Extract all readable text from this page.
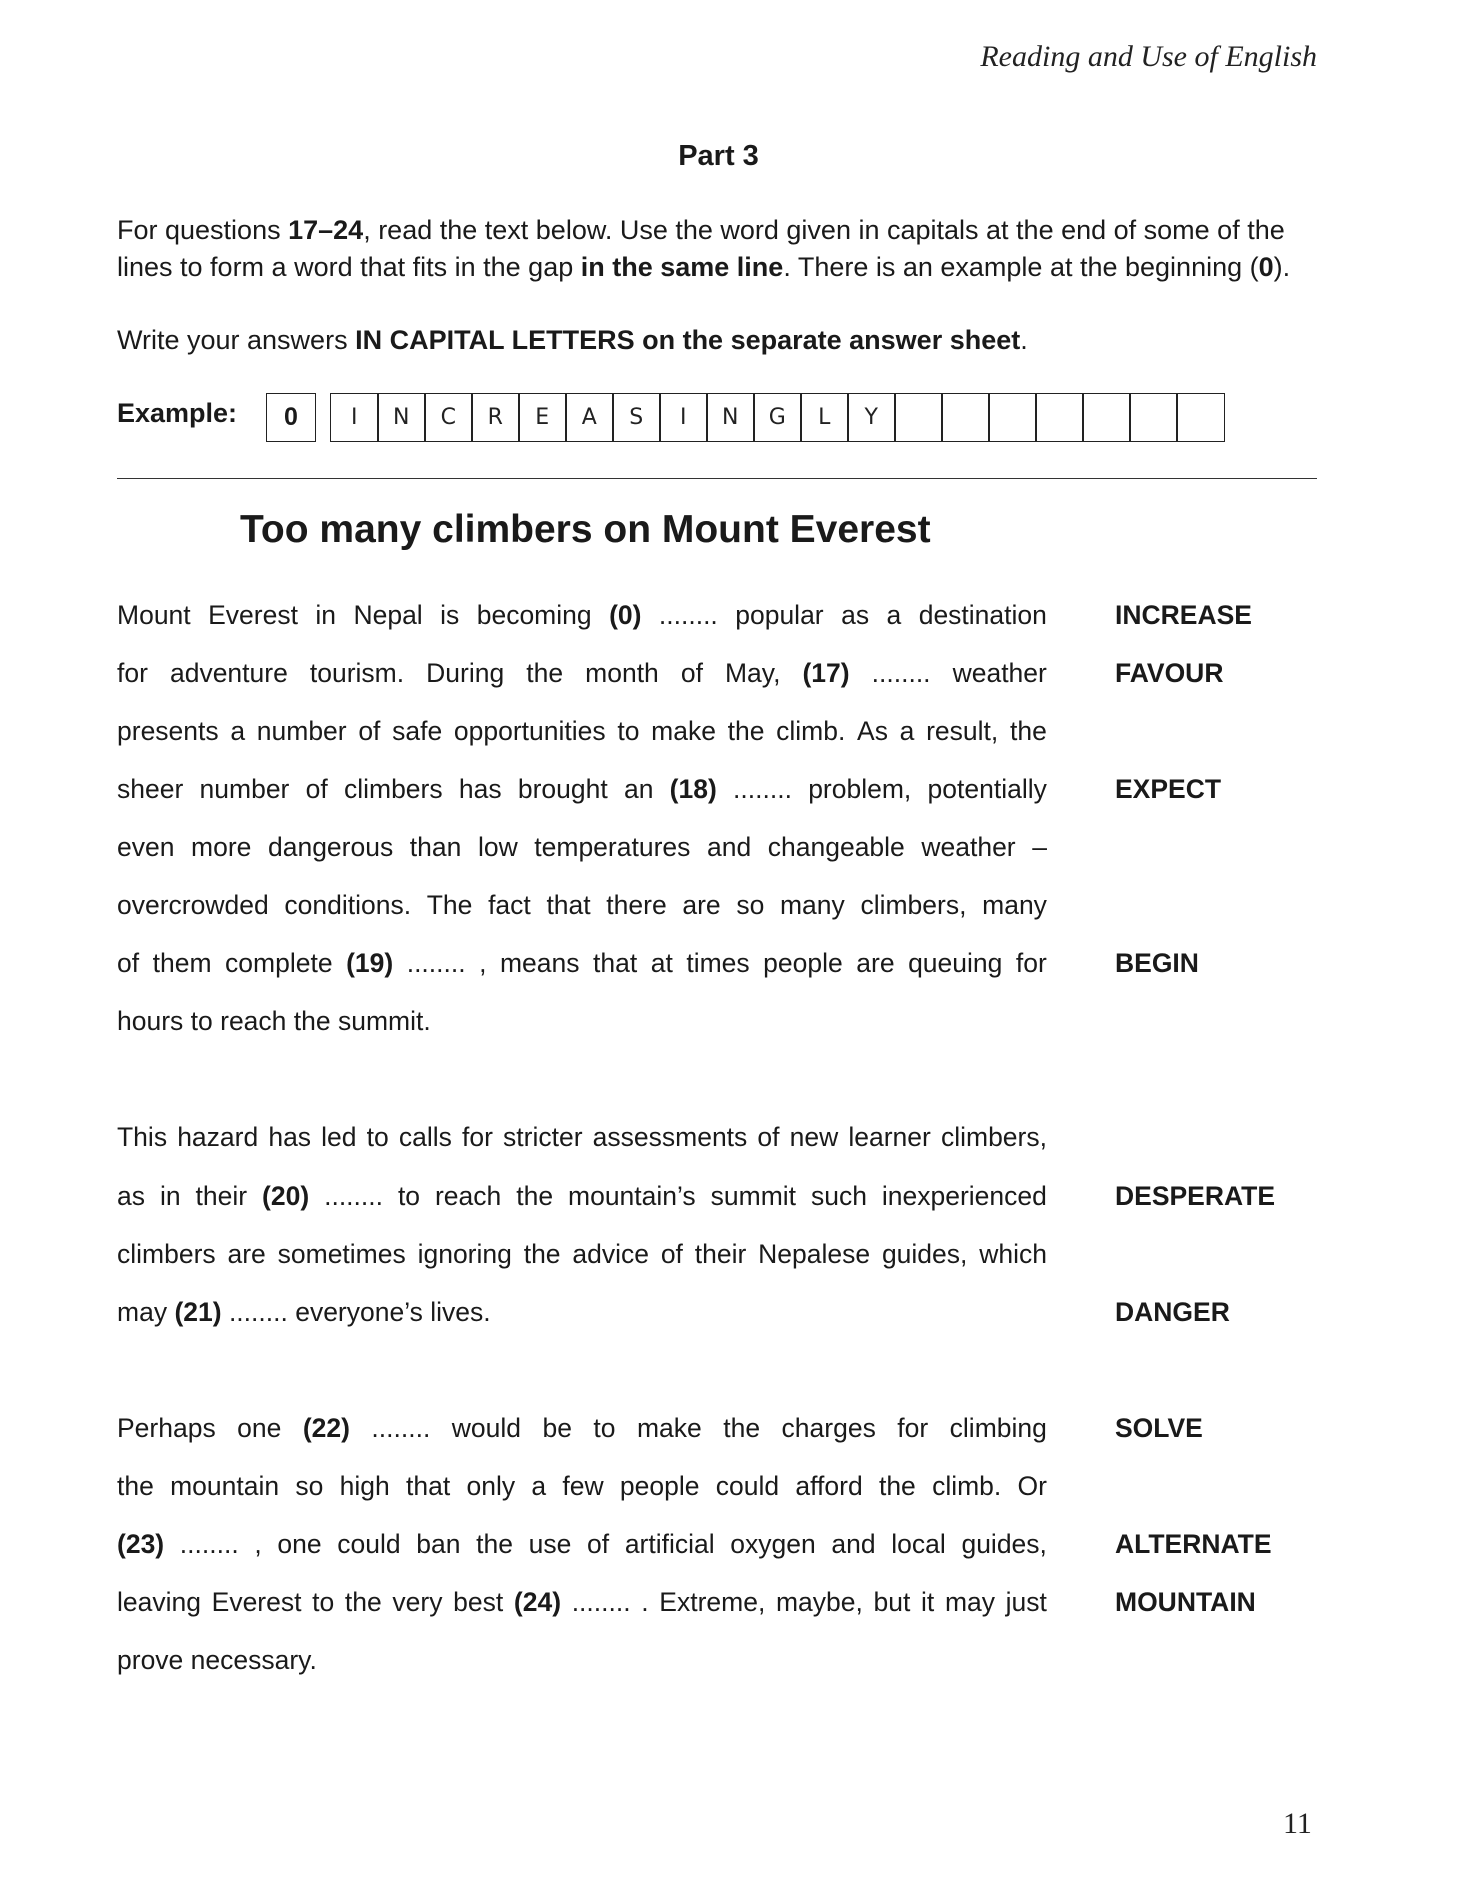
Reading and Use of English
Part 3
For questions 17–24, read the text below. Use the word given in capitals at the end of some of the lines to form a word that fits in the gap in the same line. There is an example at the beginning (0).
Write your answers IN CAPITAL LETTERS on the separate answer sheet.
Example:	0	I	N	C	R	E	A	S	I	N	G	L	Y
Too many climbers on Mount Everest
Mount Everest in Nepal is becoming (0) ........ popular as a destination
for adventure tourism. During the month of May, (17) ........ weather
presents a number of safe opportunities to make the climb. As a result, the
sheer number of climbers has brought an (18) ........ problem, potentially
even more dangerous than low temperatures and changeable weather –
overcrowded conditions. The fact that there are so many climbers, many
of them complete (19) ........ , means that at times people are queuing for
hours to reach the summit.
This hazard has led to calls for stricter assessments of new learner climbers,
as in their (20) ........ to reach the mountain’s summit such inexperienced
climbers are sometimes ignoring the advice of their Nepalese guides, which
may (21) ........ everyone’s lives.
Perhaps one (22) ........ would be to make the charges for climbing
the mountain so high that only a few people could afford the climb. Or
(23) ........ , one could ban the use of artificial oxygen and local guides,
leaving Everest to the very best (24) ........ . Extreme, maybe, but it may just
prove necessary.
INCREASE
FAVOUR
EXPECT
BEGIN
DESPERATE
DANGER
SOLVE
ALTERNATE
MOUNTAIN
11
